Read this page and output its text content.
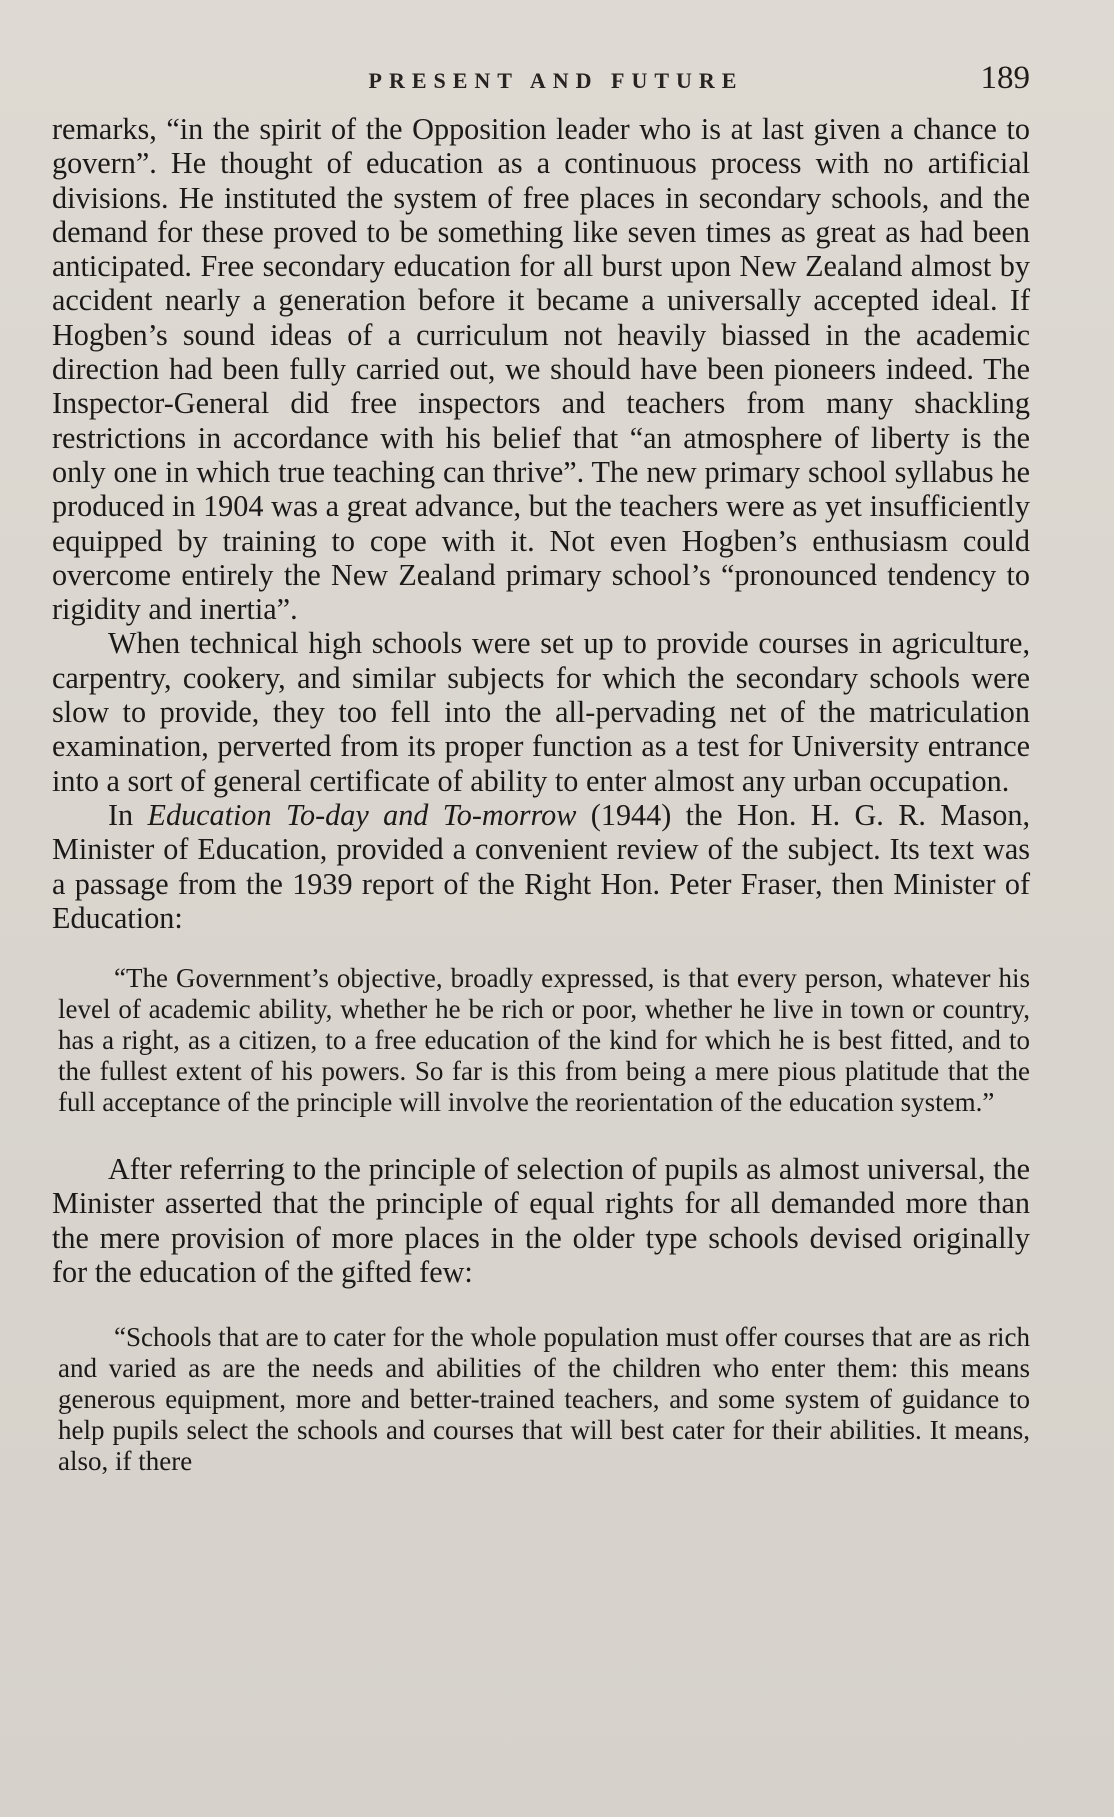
PRESENT AND FUTURE	189

remarks, “in the spirit of the Opposition leader who is at last given a chance to govern”. He thought of education as a continuous process with no artificial divisions. He instituted the system of free places in secondary schools, and the demand for these proved to be something like seven times as great as had been anticipated. Free secondary education for all burst upon New Zealand almost by accident nearly a generation before it became a universally accepted ideal. If Hogben’s sound ideas of a curriculum not heavily biassed in the academic direction had been fully carried out, we should have been pioneers indeed. The Inspector-General did free inspectors and teachers from many shackling restrictions in accordance with his belief that “an atmosphere of liberty is the only one in which true teaching can thrive”. The new primary school syllabus he produced in 1904 was a great advance, but the teachers were as yet insufficiently equipped by training to cope with it. Not even Hogben’s enthusiasm could overcome entirely the New Zealand primary school’s “pronounced tendency to rigidity and inertia”.

When technical high schools were set up to provide courses in agriculture, carpentry, cookery, and similar subjects for which the secondary schools were slow to provide, they too fell into the all-pervading net of the matriculation examination, perverted from its proper function as a test for University entrance into a sort of general certificate of ability to enter almost any urban occupation.

In Education To-day and To-morrow (1944) the Hon. H. G. R. Mason, Minister of Education, provided a convenient review of the subject. Its text was a passage from the 1939 report of the Right Hon. Peter Fraser, then Minister of Education:

“The Government’s objective, broadly expressed, is that every person, whatever his level of academic ability, whether he be rich or poor, whether he live in town or country, has a right, as a citizen, to a free education of the kind for which he is best fitted, and to the fullest extent of his powers. So far is this from being a mere pious platitude that the full acceptance of the principle will involve the reorientation of the education system.”

After referring to the principle of selection of pupils as almost universal, the Minister asserted that the principle of equal rights for all demanded more than the mere provision of more places in the older type schools devised originally for the education of the gifted few:

“Schools that are to cater for the whole population must offer courses that are as rich and varied as are the needs and abilities of the children who enter them: this means generous equipment, more and better-trained teachers, and some system of guidance to help pupils select the schools and courses that will best cater for their abilities. It means, also, if there
